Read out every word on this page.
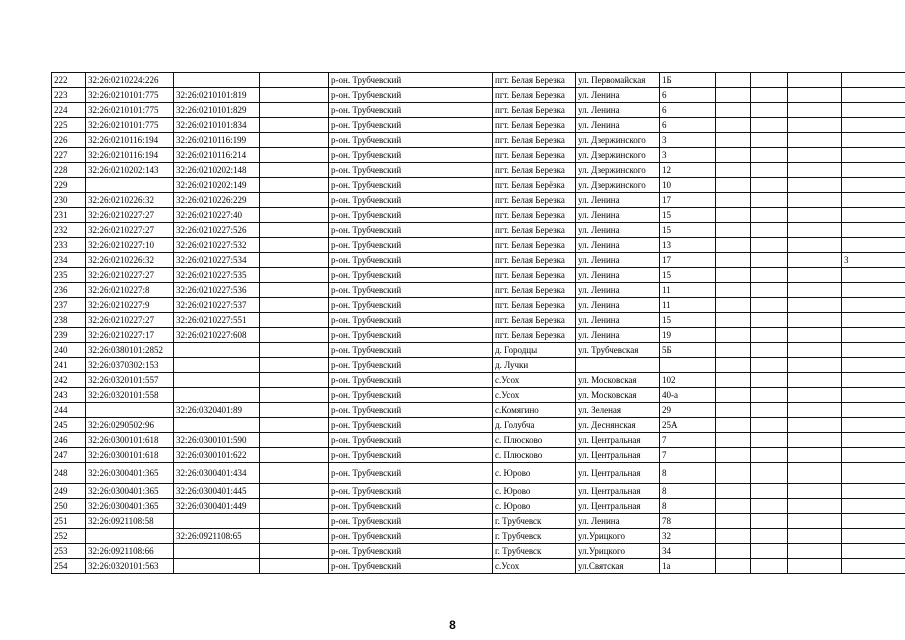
222	32:26:0210224:226			р-он. Трубчевский	пгт. Белая Березка	ул. Первомайская	1Б				
223	32:26:0210101:775	32:26:0210101:819		р-он. Трубчевский	пгт. Белая Березка	ул. Ленина	6				
224	32:26:0210101:775	32:26:0210101:829		р-он. Трубчевский	пгт. Белая Березка	ул. Ленина	6				
225	32:26:0210101:775	32:26:0210101:834		р-он. Трубчевский	пгт. Белая Березка	ул. Ленина	6				
226	32:26:0210116:194	32:26:0210116:199		р-он. Трубчевский	пгт. Белая Березка	ул. Дзержинского	3				
227	32:26:0210116:194	32:26:0210116:214		р-он. Трубчевский	пгт. Белая Березка	ул. Дзержинского	3				
228	32:26:0210202:143	32:26:0210202:148		р-он. Трубчевский	пгт. Белая Березка	ул. Дзержинского	12				
229		32:26:0210202:149		р-он. Трубчевский	пгт. Белая Берёзка	ул. Дзержинского	10				
230	32:26:0210226:32	32:26:0210226:229		р-он. Трубчевский	пгт. Белая Березка	ул. Ленина	17				
231	32:26:0210227:27	32:26:0210227:40		р-он. Трубчевский	пгт. Белая Березка	ул. Ленина	15				
232	32:26:0210227:27	32:26:0210227:526		р-он. Трубчевский	пгт. Белая Березка	ул. Ленина	15				
233	32:26:0210227:10	32:26:0210227:532		р-он. Трубчевский	пгт. Белая Березка	ул. Ленина	13				
234	32:26:0210226:32	32:26:0210227:534		р-он. Трубчевский	пгт. Белая Березка	ул. Ленина	17				3
235	32:26:0210227:27	32:26:0210227:535		р-он. Трубчевский	пгт. Белая Березка	ул. Ленина	15				
236	32:26:0210227:8	32:26:0210227:536		р-он. Трубчевский	пгт. Белая Березка	ул. Ленина	11				
237	32:26:0210227:9	32:26:0210227:537		р-он. Трубчевский	пгт. Белая Березка	ул. Ленина	11				
238	32:26:0210227:27	32:26:0210227:551		р-он. Трубчевский	пгт. Белая Березка	ул. Ленина	15				
239	32:26:0210227:17	32:26:0210227:608		р-он. Трубчевский	пгт. Белая Березка	ул. Ленина	19				
240	32:26:0380101:2852			р-он. Трубчевский	д. Городцы	ул. Трубчевская	5Б				
241	32:26:0370302:153			р-он. Трубчевский	д. Лучки						
242	32:26:0320101:557			р-он. Трубчевский	с.Усох	ул. Московская	102				
243	32:26:0320101:558			р-он. Трубчевский	с.Усох	ул. Московская	40-а				
244		32:26:0320401:89		р-он. Трубчевский	с.Комягино	ул. Зеленая	29				
245	32:26:0290502:96			р-он. Трубчевский	д. Голубча	ул. Деснянская	25А				
246	32:26:0300101:618	32:26:0300101:590		р-он. Трубчевский	с. Плюсково	ул. Центральная	7				
247	32:26:0300101:618	32:26:0300101:622		р-он. Трубчевский	с. Плюсково	ул. Центральная	7				
248	32:26:0300401:365	32:26:0300401:434		р-он. Трубчевский	с. Юрово	ул. Центральная	8				
249	32:26:0300401:365	32:26:0300401:445		р-он. Трубчевский	с. Юрово	ул. Центральная	8				
250	32:26:0300401:365	32:26:0300401:449		р-он. Трубчевский	с. Юрово	ул. Центральная	8				
251	32:26:0921108:58			р-он. Трубчевский	г. Трубчевск	ул. Ленина	78				
252		32:26:0921108:65		р-он. Трубчевский	г. Трубчевск	ул.Урицкого	32				
253	32:26:0921108:66			р-он. Трубчевский	г. Трубчевск	ул.Урицкого	34				
254	32:26:0320101:563			р-он. Трубчевский	с.Усох	ул.Святская	1а				
8
